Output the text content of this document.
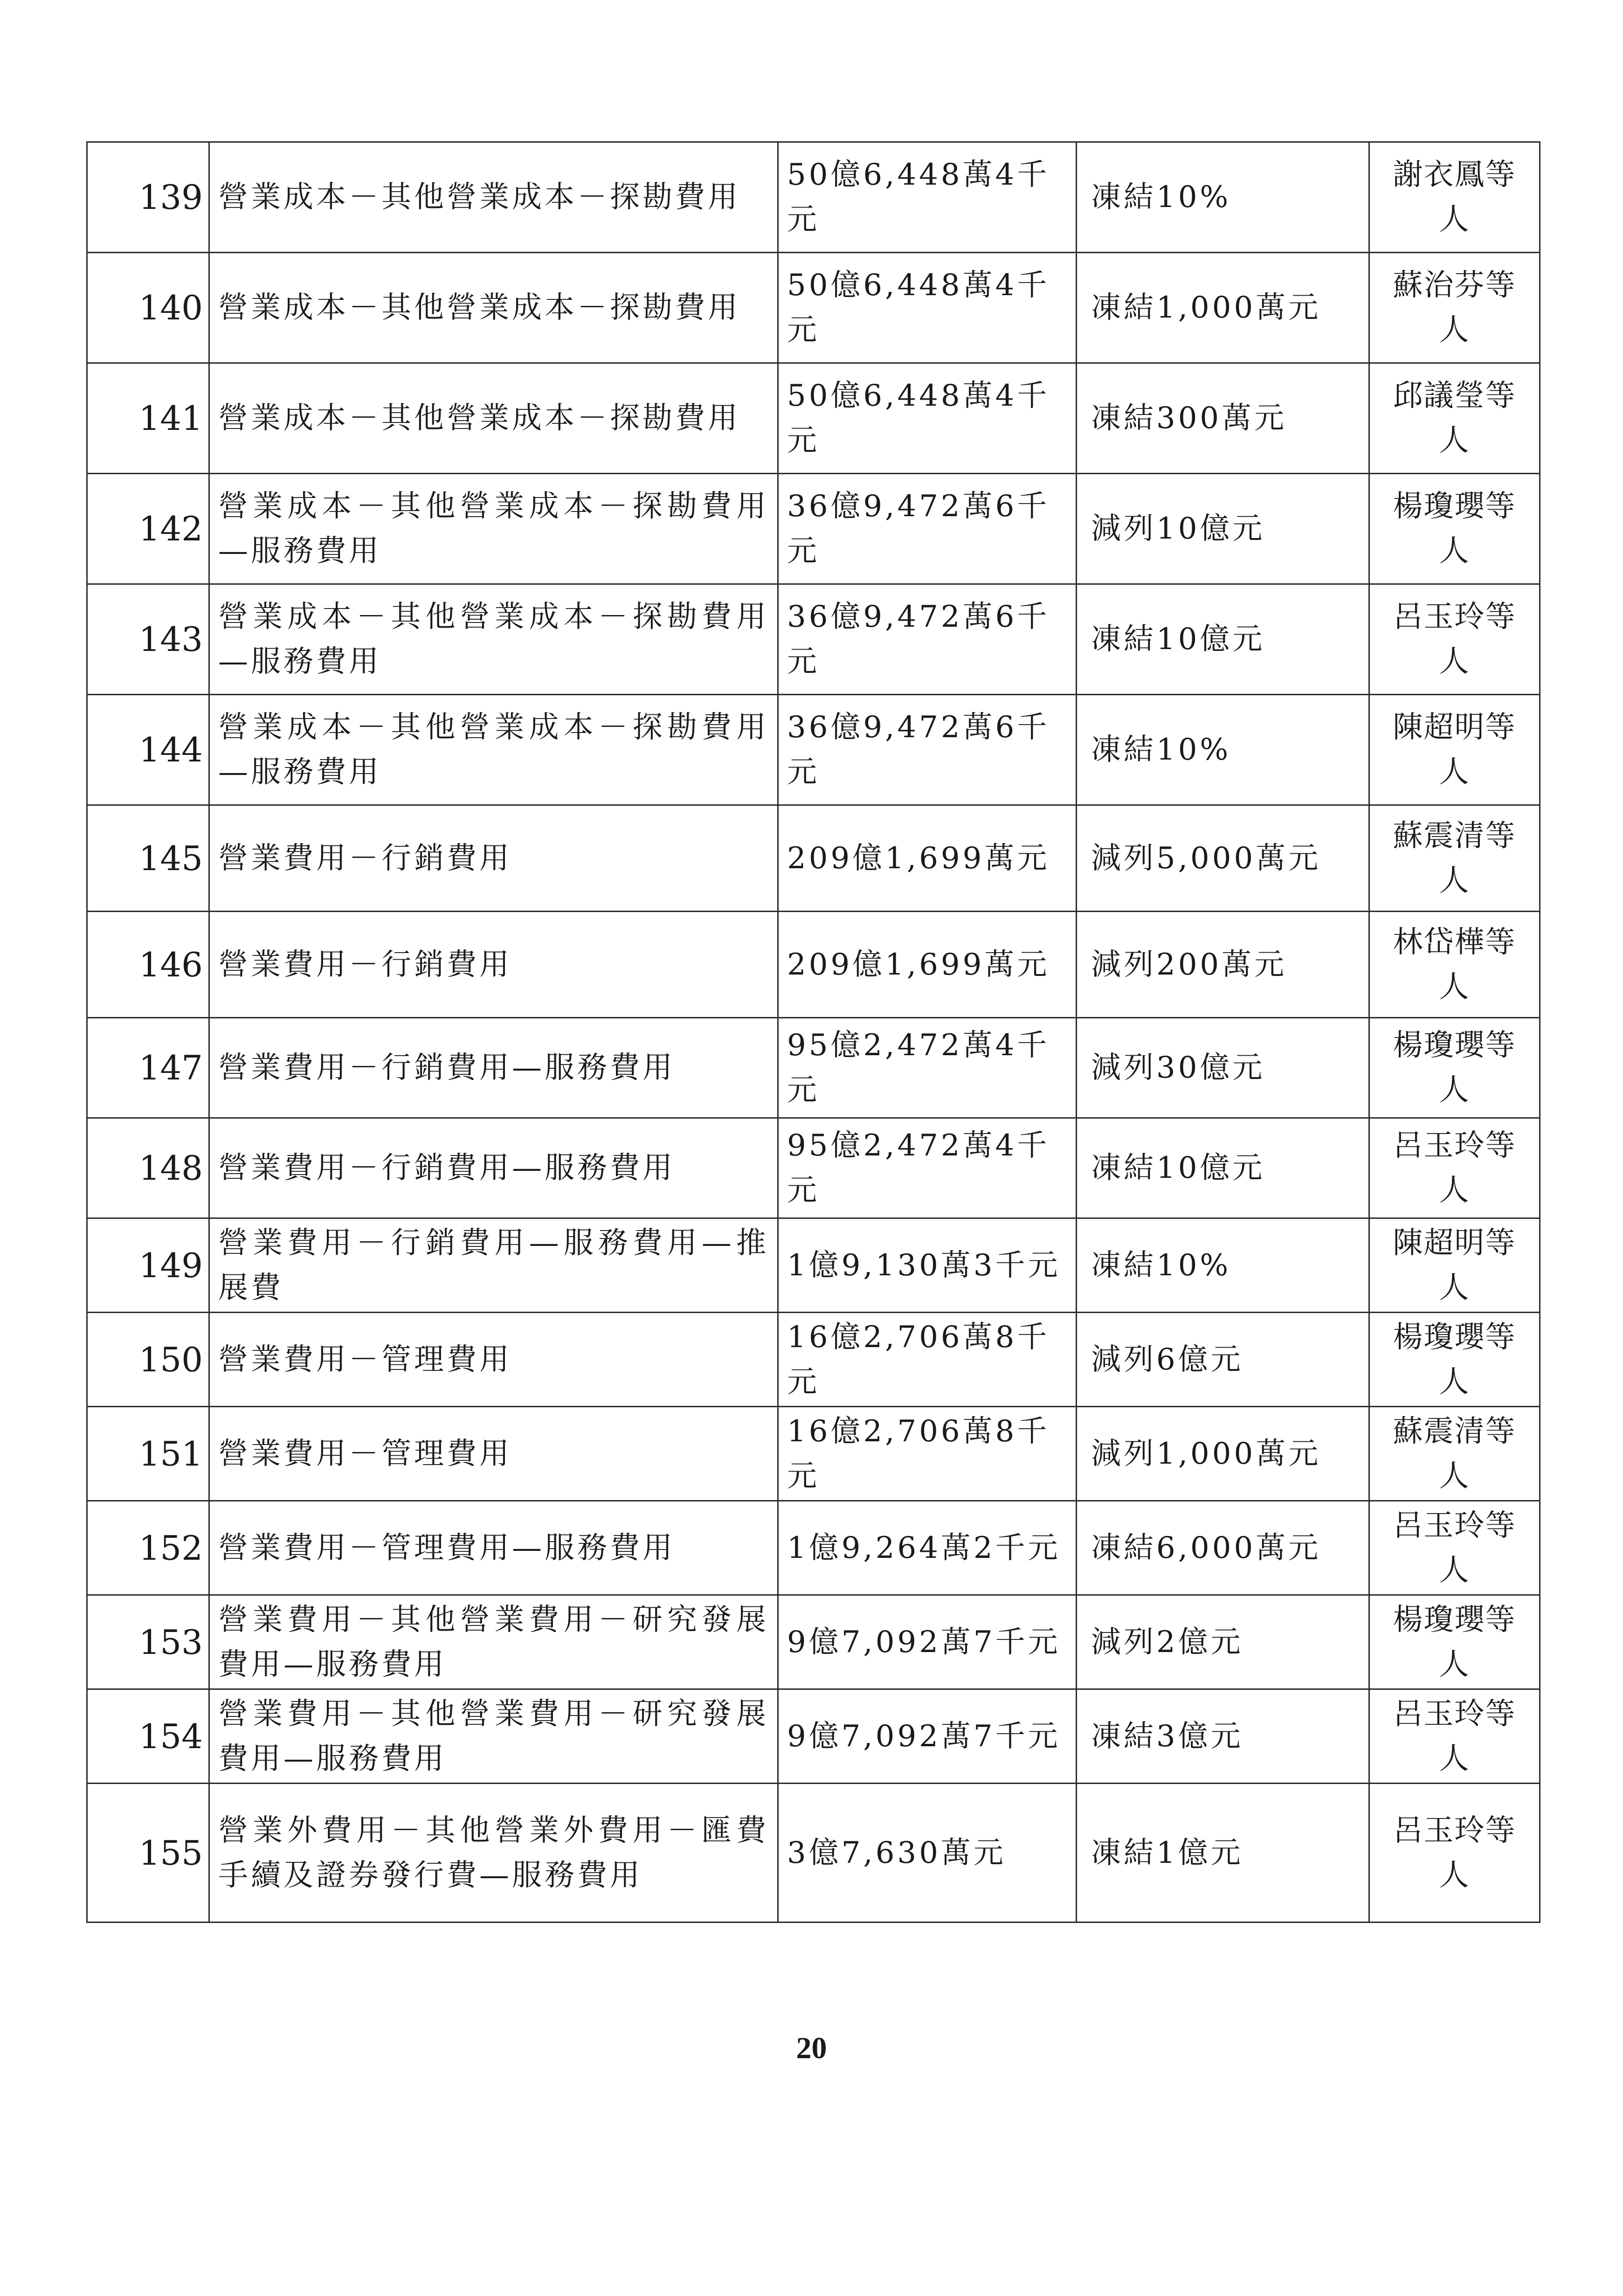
139	營業成本－其他營業成本－探勘費用	50億6,448萬4千元	凍結10%	謝衣鳳等人
140	營業成本－其他營業成本－探勘費用	50億6,448萬4千元	凍結1,000萬元	蘇治芬等人
141	營業成本－其他營業成本－探勘費用	50億6,448萬4千元	凍結300萬元	邱議瑩等人
142	營業成本－其他營業成本－探勘費用—服務費用	36億9,472萬6千元	減列10億元	楊瓊瓔等人
143	營業成本－其他營業成本－探勘費用—服務費用	36億9,472萬6千元	凍結10億元	呂玉玲等人
144	營業成本－其他營業成本－探勘費用—服務費用	36億9,472萬6千元	凍結10%	陳超明等人
145	營業費用－行銷費用	209億1,699萬元	減列5,000萬元	蘇震清等人
146	營業費用－行銷費用	209億1,699萬元	減列200萬元	林岱樺等人
147	營業費用－行銷費用—服務費用	95億2,472萬4千元	減列30億元	楊瓊瓔等人
148	營業費用－行銷費用—服務費用	95億2,472萬4千元	凍結10億元	呂玉玲等人
149	營業費用－行銷費用—服務費用—推展費	1億9,130萬3千元	凍結10%	陳超明等人
150	營業費用－管理費用	16億2,706萬8千元	減列6億元	楊瓊瓔等人
151	營業費用－管理費用	16億2,706萬8千元	減列1,000萬元	蘇震清等人
152	營業費用－管理費用—服務費用	1億9,264萬2千元	凍結6,000萬元	呂玉玲等人
153	營業費用－其他營業費用－研究發展費用—服務費用	9億7,092萬7千元	減列2億元	楊瓊瓔等人
154	營業費用－其他營業費用－研究發展費用—服務費用	9億7,092萬7千元	凍結3億元	呂玉玲等人
155	營業外費用－其他營業外費用－匯費手續及證券發行費—服務費用	3億7,630萬元	凍結1億元	呂玉玲等人
20
